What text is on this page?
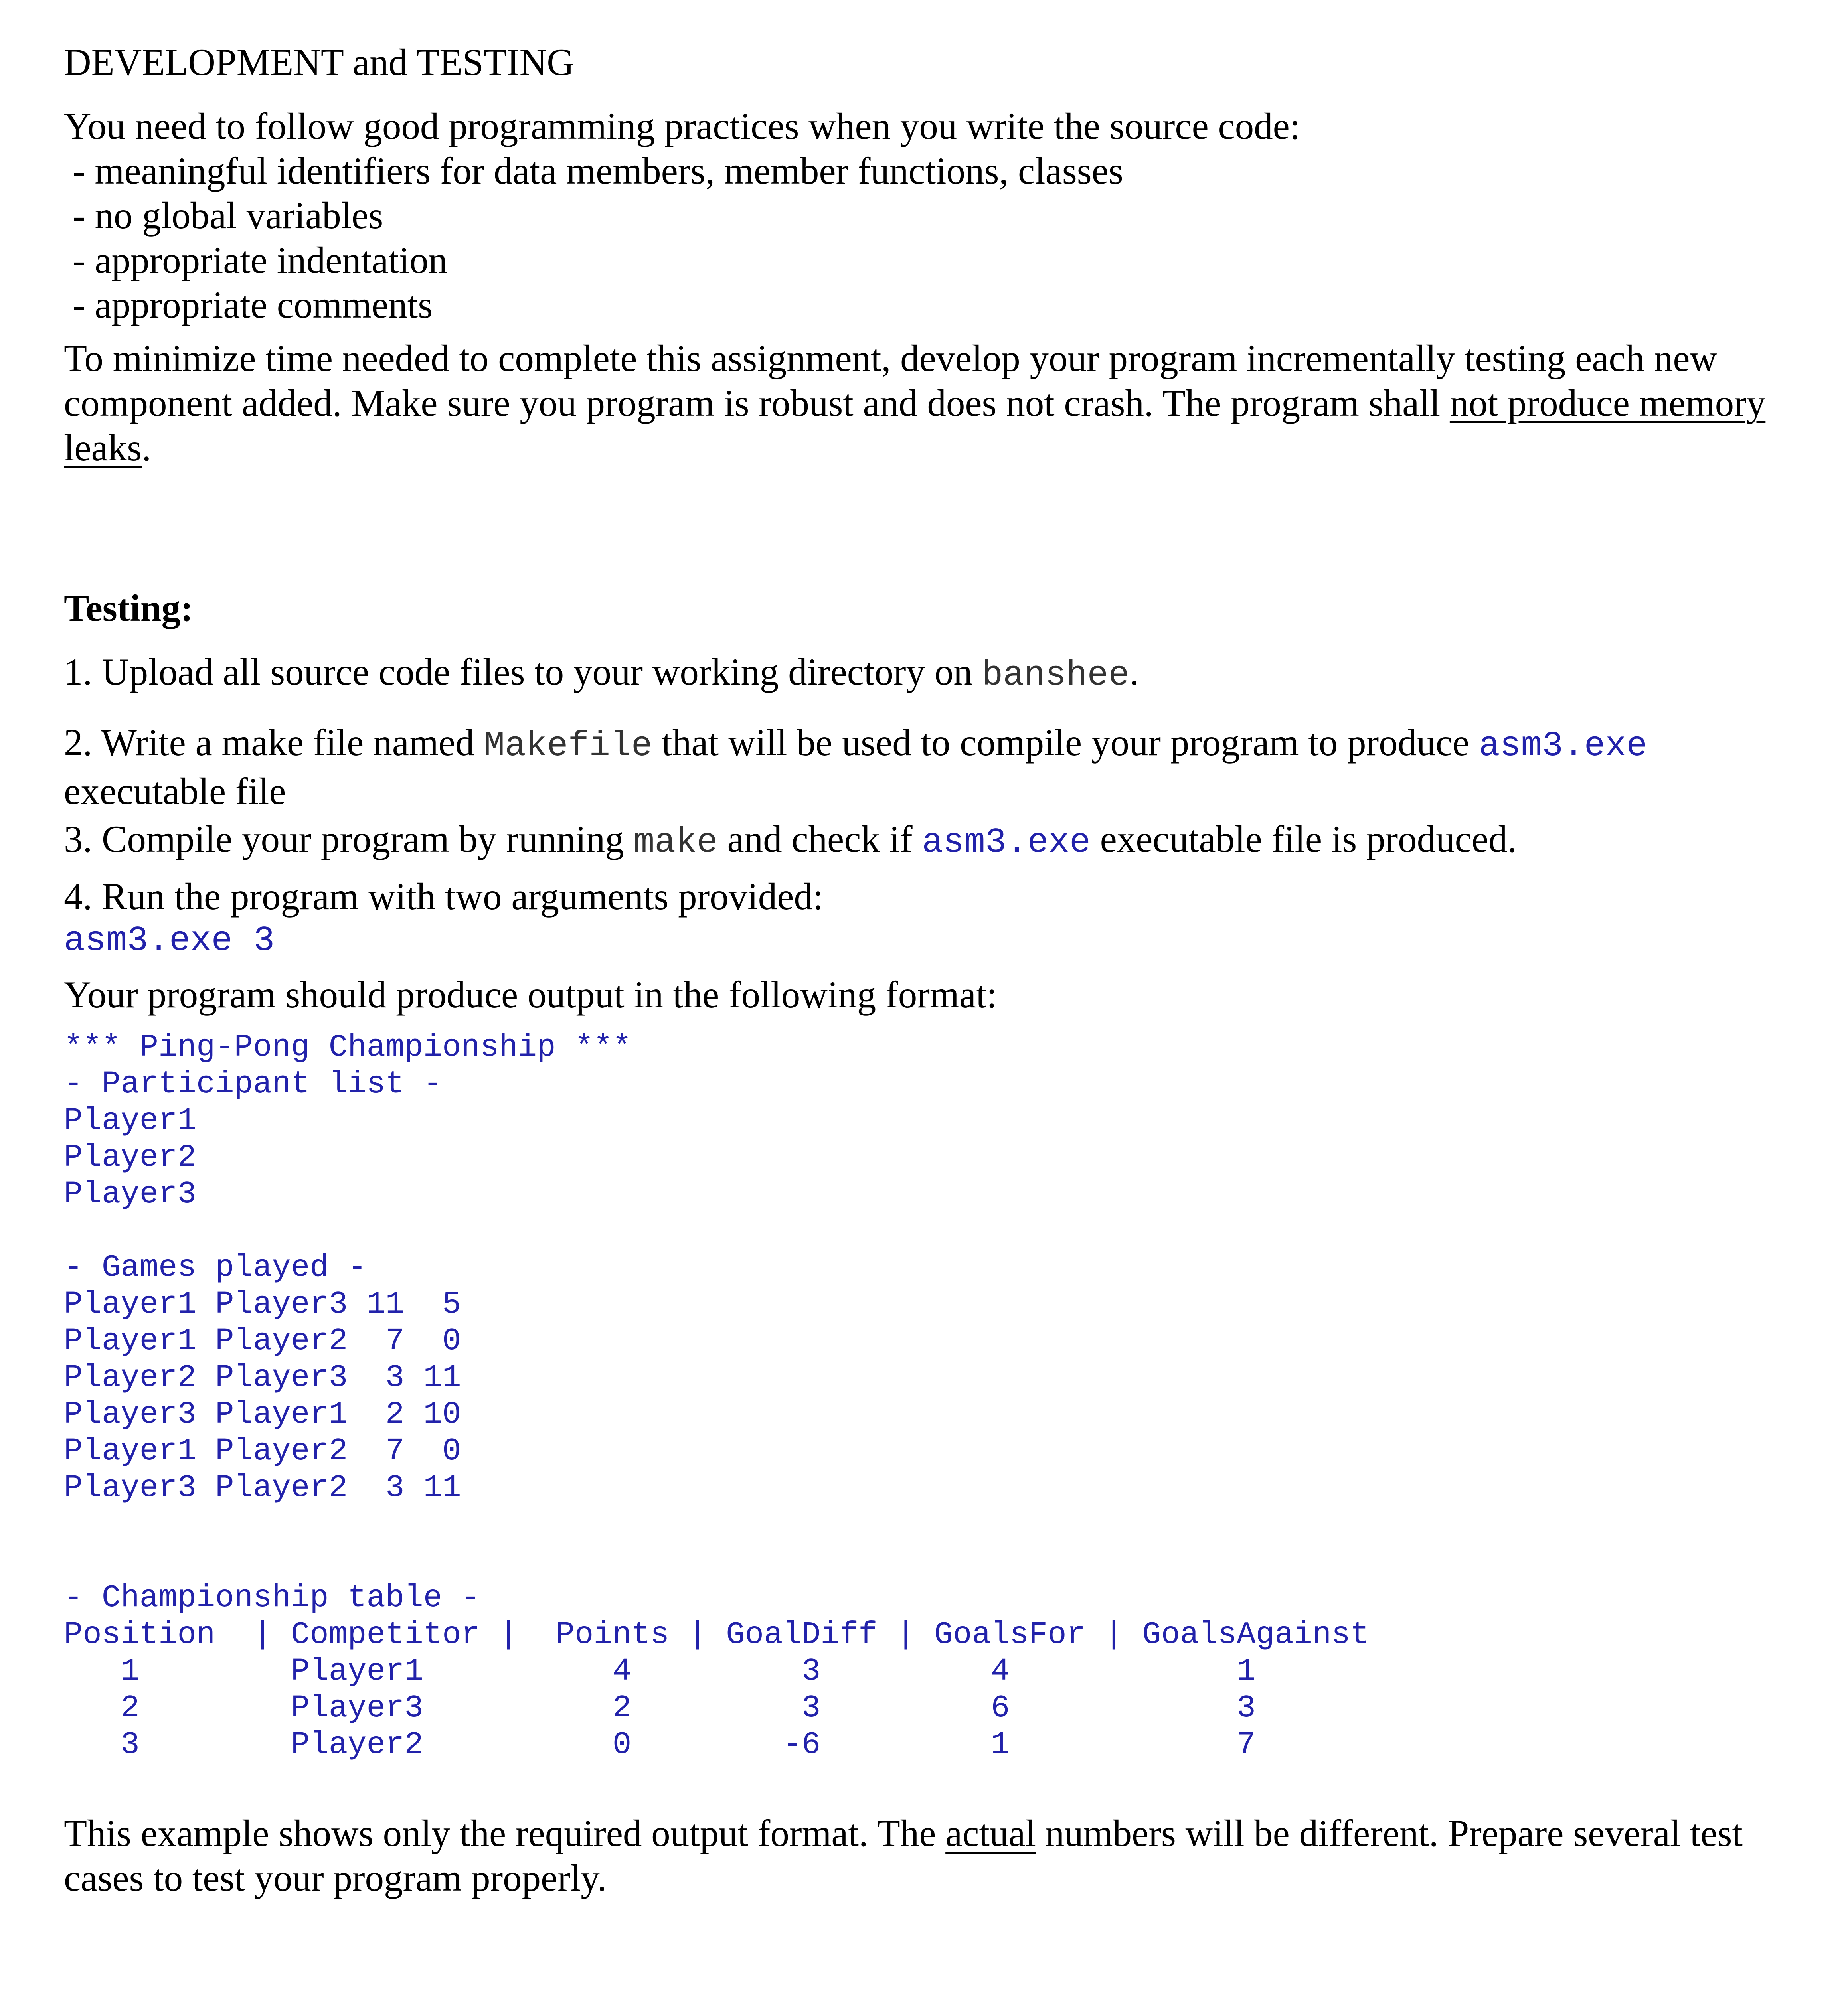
DEVELOPMENT and TESTING

You need to follow good programming practices when you write the source code:

- meaningful identifiers for data members, member functions, classes

- no global variables

- appropriate indentation

- appropriate comments

To minimize time needed to complete this assignment, develop your program incrementally testing each new
component added. Make sure you program is robust and does not crash. The program shall not produce memory
leaks.

Testing:

1. Upload all source code files to your working directory on banshee.

2. Write a make file named Makefile that will be used to compile your program to produce asm3.exe
executable file

3. Compile your program by running make and check if asm3.exe executable file is produced.

4. Run the program with two arguments provided:

asm3.exe 3

Your program should produce output in the following format:

*** Ping-Pong Championship ***
- Participant list -
Player1
Player2
Player3

- Games played -
Player1 Player3 11  5
Player1 Player2  7  0
Player2 Player3  3 11
Player3 Player1  2 10
Player1 Player2  7  0
Player3 Player2  3 11

- Championship table -
Position  | Competitor |  Points | GoalDiff | GoalsFor | GoalsAgainst
1        Player1          4         3         4            1
2        Player3          2         3         6            3
3        Player2          0        -6         1            7

This example shows only the required output format. The actual numbers will be different. Prepare several test
cases to test your program properly.
